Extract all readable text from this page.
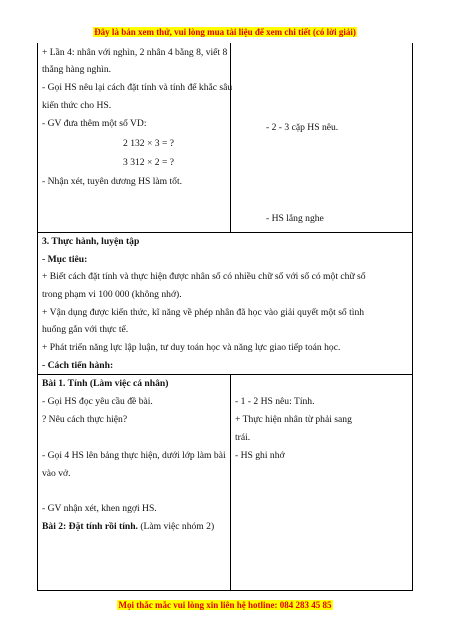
Đây là bản xem thử, vui lòng mua tài liệu để xem chi tiết (có lời giải)
+ Lần 4: nhân với nghìn, 2 nhân 4 bằng 8, viết 8
thắng hàng nghìn.
- Gọi HS nêu lại cách đặt tính và tính để khắc sâu
kiến thức cho HS.
- GV đưa thêm một số VD:
2 132 × 3 = ?
3 312 × 2 = ?
- Nhận xét, tuyên dương HS làm tốt.
- 2 - 3 cặp HS nêu.
- HS lắng nghe
3. Thực hành, luyện tập
- Mục tiêu:
+ Biết cách đặt tính và thực hiện được nhân số có nhiều chữ số với số có một chữ số
trong phạm vi 100 000 (không nhớ).
+ Vận dụng được kiến thức, kĩ năng về phép nhân đã học vào giải quyết một số tình
huống gắn với thực tế.
+ Phát triển năng lực lập luận, tư duy toán học và năng lực giao tiếp toán học.
- Cách tiến hành:
Bài 1. Tính (Làm việc cá nhân)
- Gọi HS đọc yêu cầu đề bài.
? Nêu cách thực hiện?
- Gọi 4 HS lên bảng thực hiện, dưới lớp làm bài
vào vở.
- GV nhận xét, khen ngợi HS.
Bài 2: Đặt tính rồi tính. (Làm việc nhóm 2)
- 1 - 2 HS nêu: Tính.
+ Thực hiện nhân từ phải sang
trái.
- HS ghi nhớ
Mọi thắc mắc vui lòng xin liên hệ hotline: 084 283 45 85
